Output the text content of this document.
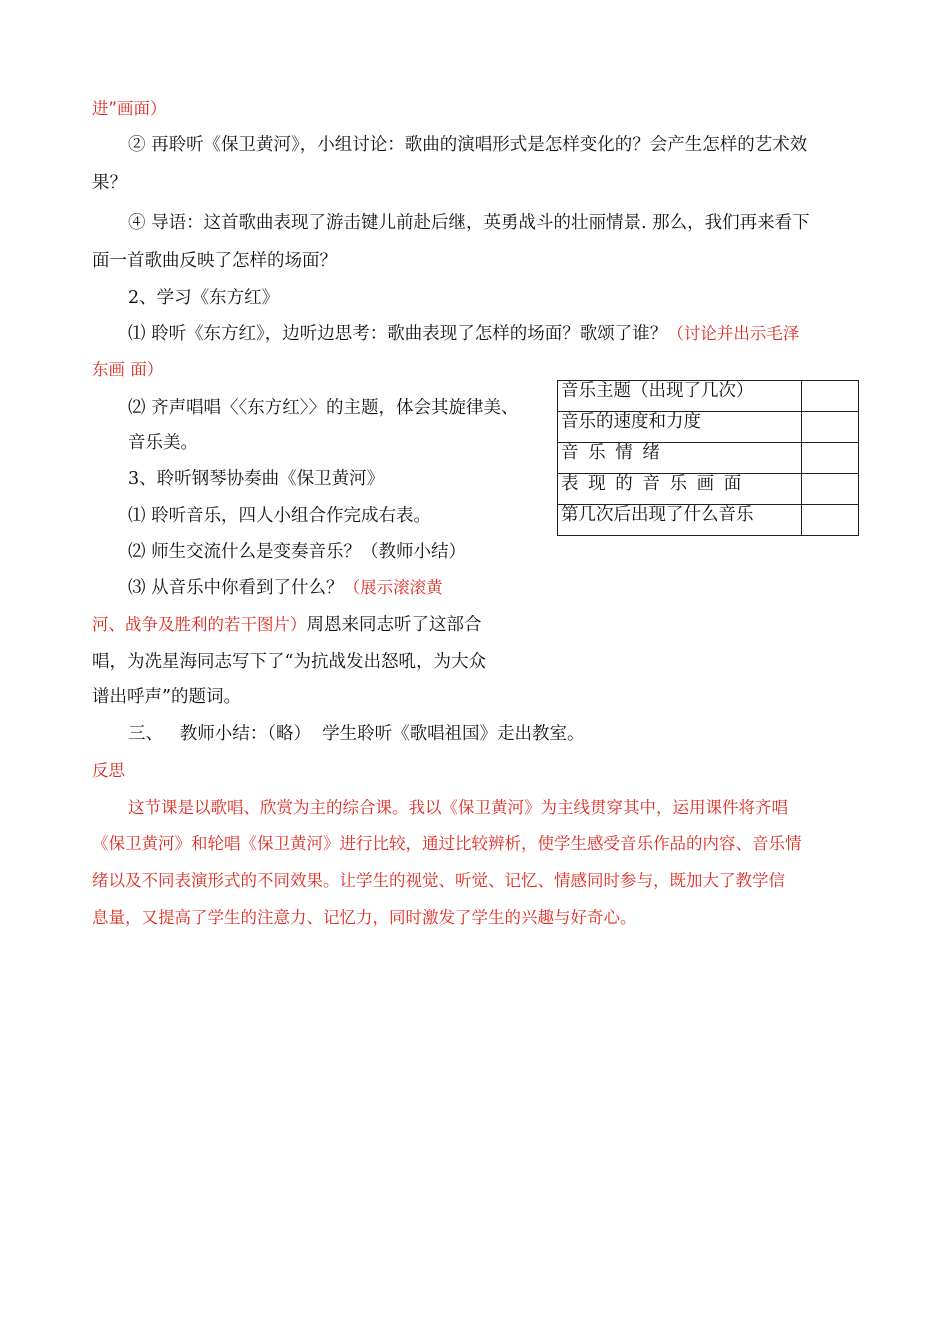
进”画面）
② 再聆听《保卫黄河》，小组讨论：歌曲的演唱形式是怎样变化的？会产生怎样的艺术效
果？
④ 导语：这首歌曲表现了游击键儿前赴后继，英勇战斗的壮丽情景. 那么，我们再来看下
面一首歌曲反映了怎样的场面？
2、学习《东方红》
⑴ 聆听《东方红》，边听边思考：歌曲表现了怎样的场面？歌颂了谁？（讨论并出示毛泽
东画 面）
⑵ 齐声唱唱〈〈东方红〉〉的主题，体会其旋律美、
音乐美。
3、聆听钢琴协奏曲《保卫黄河》
⑴ 聆听音乐，四人小组合作完成右表。
⑵ 师生交流什么是变奏音乐？（教师小结）
⑶ 从音乐中你看到了什么？（展示滚滚黄
河、战争及胜利的若干图片）周恩来同志听了这部合
唱，为冼星海同志写下了“为抗战发出怒吼，为大众
谱出呼声”的题词。
三、   教师小结：（略）  学生聆听《歌唱祖国》走出教室。
反思
这节课是以歌唱、欣赏为主的综合课。我以《保卫黄河》为主线贯穿其中，运用课件将齐唱
《保卫黄河》和轮唱《保卫黄河》进行比较，通过比较辨析，使学生感受音乐作品的内容、音乐情
绪以及不同表演形式的不同效果。让学生的视觉、听觉、记忆、情感同时参与，既加大了教学信
息量，又提高了学生的注意力、记忆力，同时激发了学生的兴趣与好奇心。
音乐主题（出现了几次）	
音乐的速度和力度	
音乐情绪	
表现的音乐画面	
第几次后出现了什么音乐	
